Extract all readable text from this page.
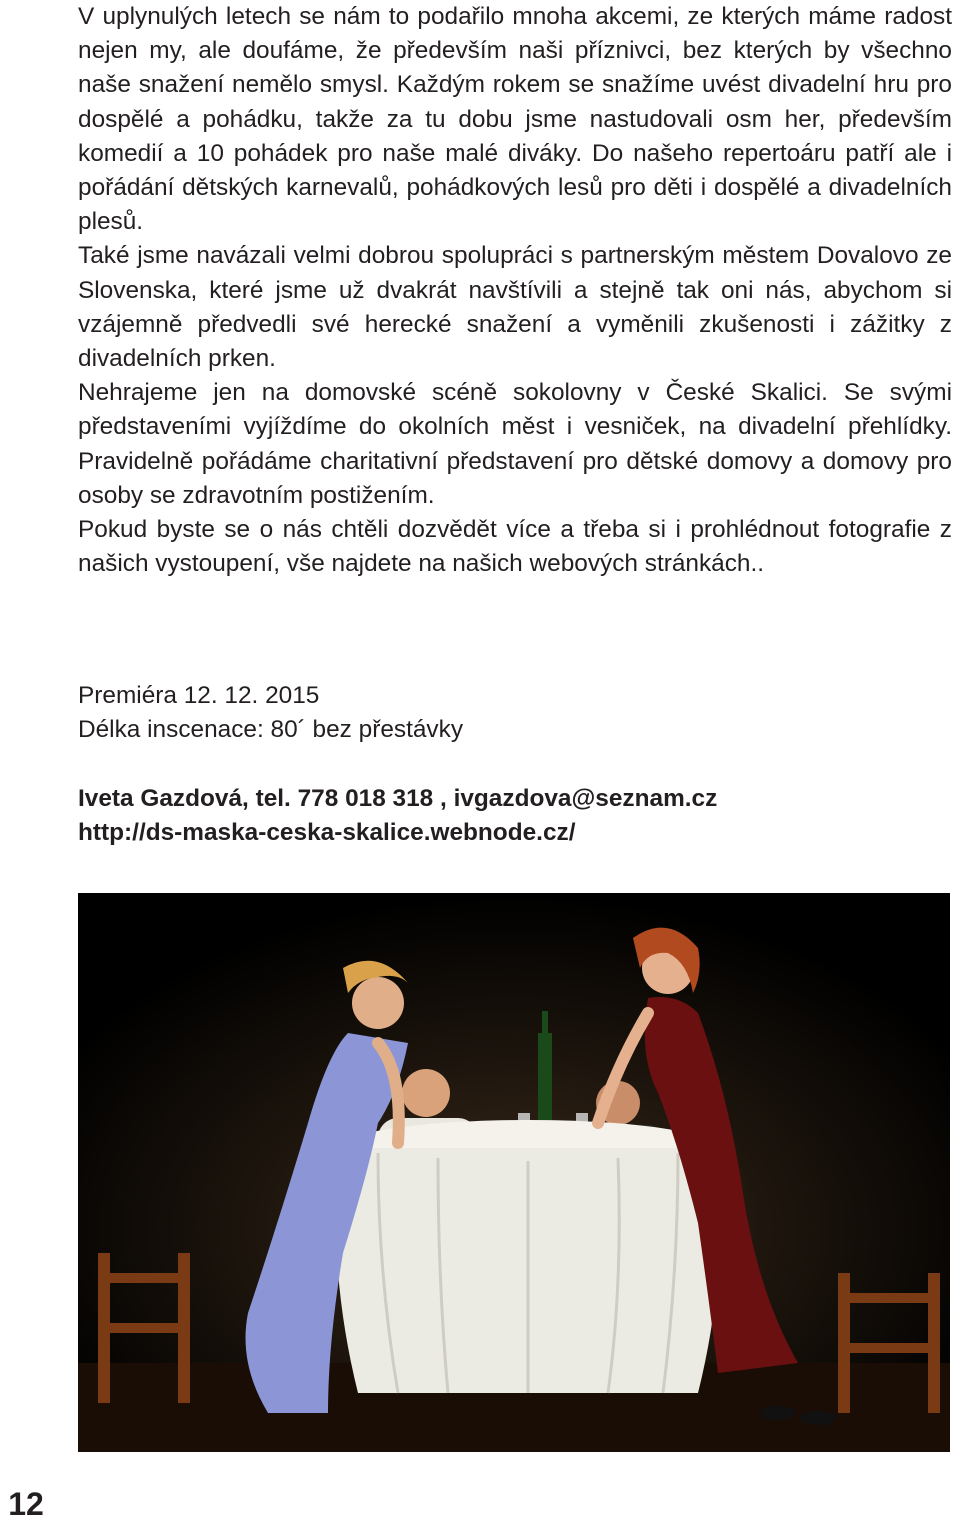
V uplynulých letech se nám to podařilo mnoha akcemi, ze kterých máme radost nejen my, ale doufáme, že především naši příznivci, bez kterých by všechno naše snažení nemělo smysl. Každým rokem se snažíme uvést divadelní hru pro dospělé a pohádku, takže za tu dobu jsme nastudovali osm her, především komedií a 10 pohádek pro naše malé diváky. Do našeho repertoáru patří ale i pořádání dětských karnevalů, pohádkových lesů pro děti i dospělé a divadelních plesů.

Také jsme navázali velmi dobrou spolupráci s partnerským městem Dovalovo ze Slovenska, které jsme už dvakrát navštívili a stejně tak oni nás, abychom si vzájemně předvedli své herecké snažení a vyměnili zkušenosti i zážitky z divadelních prken.

Nehrajeme jen na domovské scéně sokolovny v České Skalici. Se svými představeními vyjíždíme do okolních měst i vesniček, na divadelní přehlídky. Pravidelně pořádáme charitativní představení pro dětské domovy a domovy pro osoby se zdravotním postižením.

Pokud byste se o nás chtěli dozvědět více a třeba si i prohlédnout fotografie z našich vystoupení, vše najdete na našich webových stránkách..

Premiéra 12. 12. 2015

Délka inscenace: 80´ bez přestávky

Iveta Gazdová, tel. 778 018 318 , ivgazdova@seznam.cz

http://ds-maska-ceska-skalice.webnode.cz/

12
